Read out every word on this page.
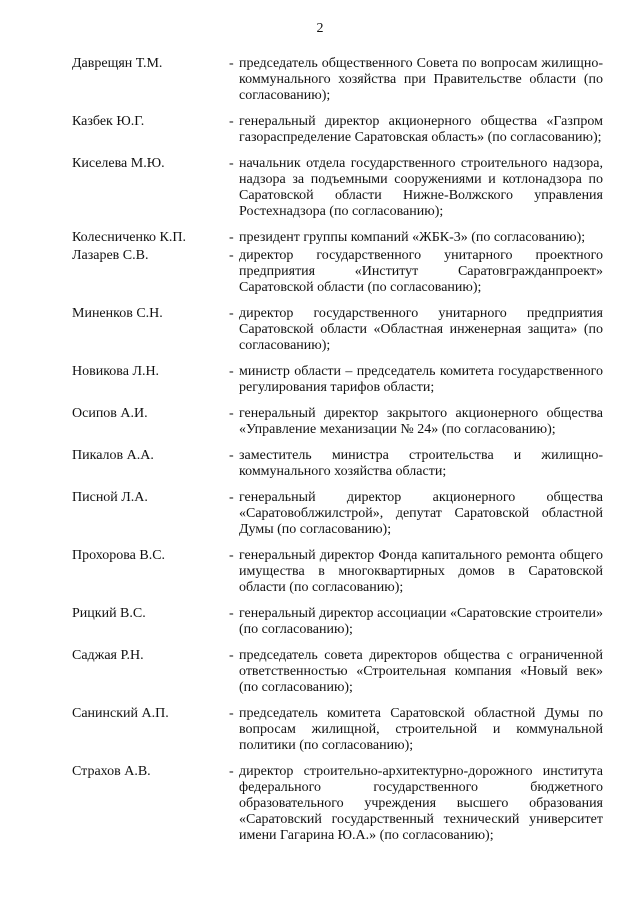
2
Даврещян Т.М.	- председатель общественного Совета по вопросам жилищно-коммунального хозяйства при Правительстве области (по согласованию);
Казбек Ю.Г.	- генеральный директор акционерного общества «Газпром газораспределение Саратовская область» (по согласованию);
Киселева М.Ю.	- начальник отдела государственного строительного надзора, надзора за подъемными сооружениями и котлонадзора по Саратовской области Нижне-Волжского управления Ростехнадзора (по согласованию);
Колесниченко К.П.	- президент группы компаний «ЖБК-3» (по согласованию);
Лазарев С.В.	- директор государственного унитарного проектного предприятия «Институт Саратовгражданпроект» Саратовской области (по согласованию);
Миненков С.Н.	- директор государственного унитарного предприятия Саратовской области «Областная инженерная защита» (по согласованию);
Новикова Л.Н.	- министр области – председатель комитета государственного регулирования тарифов области;
Осипов А.И.	- генеральный директор закрытого акционерного общества «Управление механизации № 24» (по согласованию);
Пикалов А.А.	- заместитель министра строительства и жилищно-коммунального хозяйства области;
Писной Л.А.	- генеральный директор акционерного общества «Саратовоблжилстрой», депутат Саратовской областной Думы (по согласованию);
Прохорова В.С.	- генеральный директор Фонда капитального ремонта общего имущества в многоквартирных домов в Саратовской области (по согласованию);
Рицкий В.С.	- генеральный директор ассоциации «Саратовские строители» (по согласованию);
Саджая Р.Н.	- председатель совета директоров общества с ограниченной ответственностью «Строительная компания «Новый век» (по согласованию);
Санинский А.П.	- председатель комитета Саратовской областной Думы по вопросам жилищной, строительной и коммунальной политики (по согласованию);
Страхов А.В.	- директор строительно-архитектурно-дорожного института федерального государственного бюджетного образовательного учреждения высшего образования «Саратовский государственный технический университет имени Гагарина Ю.А.» (по согласованию);
